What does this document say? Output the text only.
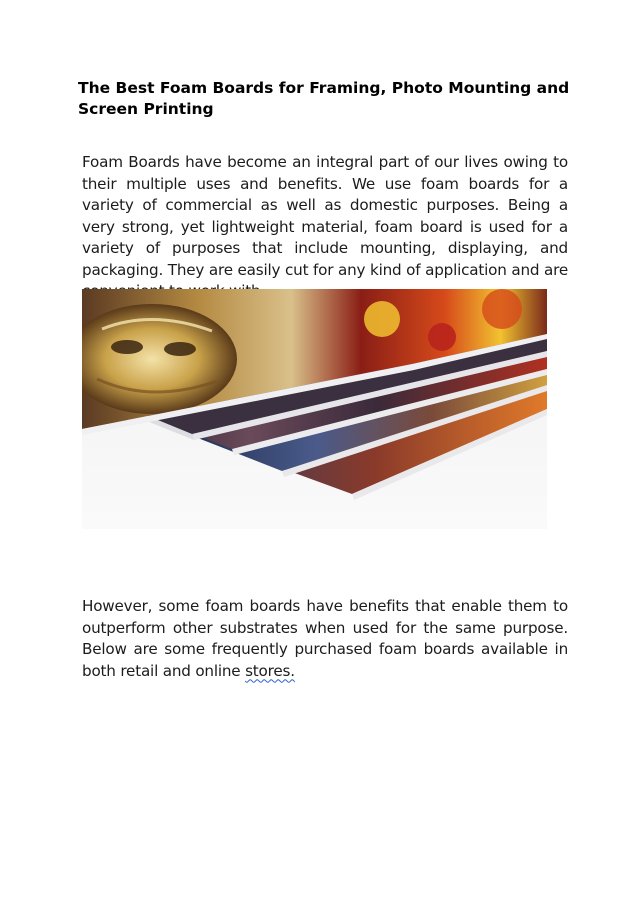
The Best Foam Boards for Framing, Photo Mounting and Screen Printing

Foam Boards have become an integral part of our lives owing to their multiple uses and benefits. We use foam boards for a variety of commercial as well as domestic purposes. Being a very strong, yet lightweight material, foam board is used for a variety of purposes that include mounting, displaying, and packaging. They are easily cut for any kind of application and are

However, some foam boards have benefits that enable them to outperform other substrates when used for the same purpose. Below are some frequently purchased foam boards available in both retail and online stores.
